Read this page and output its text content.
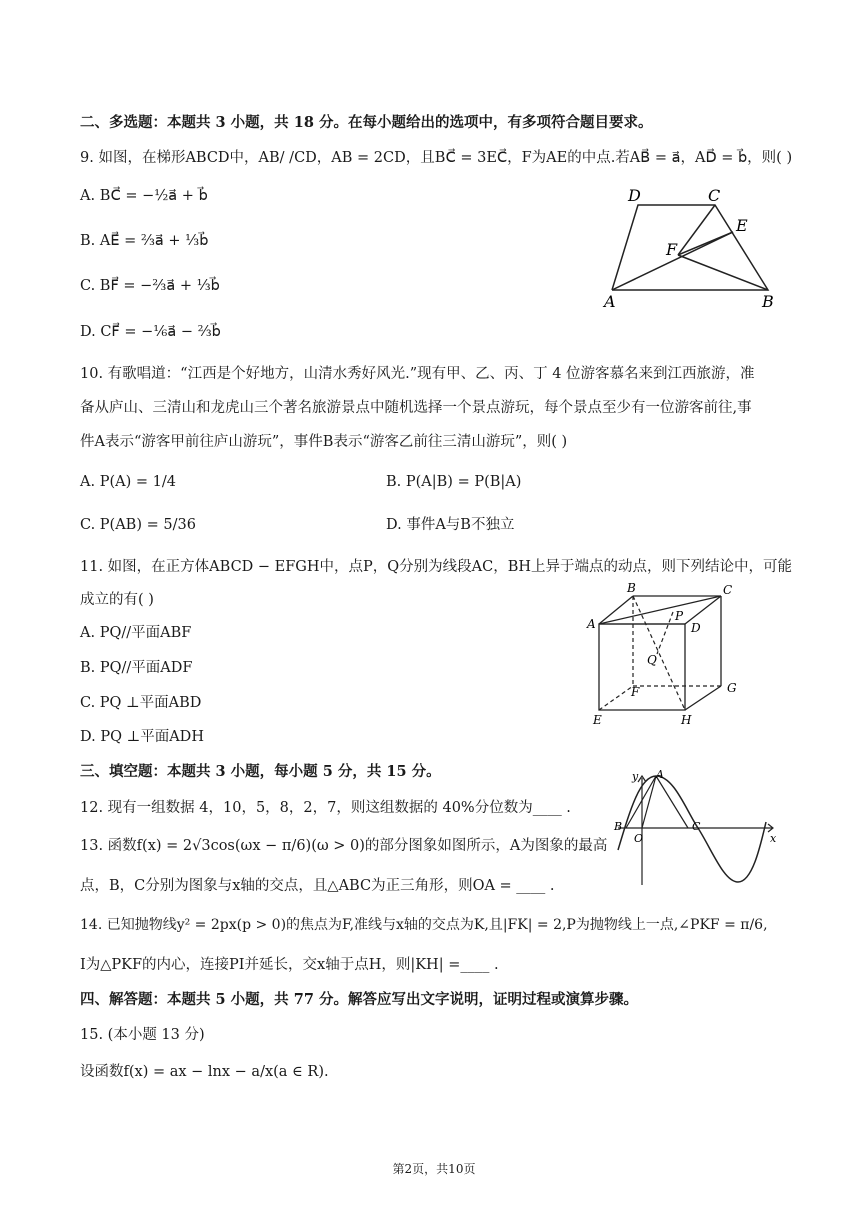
二、多选题：本题共 3 小题，共 18 分。在每小题给出的选项中，有多项符合题目要求。
9. 如图，在梯形ABCD中，AB/ /CD，AB = 2CD，且BC⃗ = 3EC⃗，F为AE的中点.若AB⃗ = a⃗，AD⃗ = b⃗，则( )
A. BC⃗ = −½a⃗ + b⃗
B. AE⃗ = ⅔a⃗ + ⅓b⃗
C. BF⃗ = −⅔a⃗ + ⅓b⃗
D. CF⃗ = −⅙a⃗ − ⅔b⃗
D	C
E
F
A	B
10. 有歌唱道：“江西是个好地方，山清水秀好风光.”现有甲、乙、丙、丁 4 位游客慕名来到江西旅游，准
备从庐山、三清山和龙虎山三个著名旅游景点中随机选择一个景点游玩，每个景点至少有一位游客前往,事
件A表示“游客甲前往庐山游玩”，事件B表示“游客乙前往三清山游玩”，则( )
A. P(A) = 1/4	B. P(A|B) = P(B|A)
C. P(AB) = 5/36	D. 事件A与B不独立
11. 如图，在正方体ABCD − EFGH中，点P，Q分别为线段AC，BH上异于端点的动点，则下列结论中，可能
成立的有( )
A. PQ//平面ABF
B. PQ//平面ADF
C. PQ ⊥平面ABD
D. PQ ⊥平面ADH
B	C
A	D
P
Q
F	G
E	H
三、填空题：本题共 3 小题，每小题 5 分，共 15 分。
12. 现有一组数据 4，10，5，8，2，7，则这组数据的 40%分位数为____ .
13. 函数f(x) = 2√3cos(ωx − π/6)(ω > 0)的部分图象如图所示，A为图象的最高
点，B，C分别为图象与x轴的交点，且△ABC为正三角形，则OA = ____ .
y A
B
O
C
x
14. 已知抛物线y² = 2px(p > 0)的焦点为F,准线与x轴的交点为K,且|FK| = 2,P为抛物线上一点,∠PKF = π/6,
I为△PKF的内心，连接PI并延长，交x轴于点H，则|KH| =____ .
四、解答题：本题共 5 小题，共 77 分。解答应写出文字说明，证明过程或演算步骤。
15. (本小题 13 分)
设函数f(x) = ax − lnx − a/x(a ∈ R).
第2页，共10页
